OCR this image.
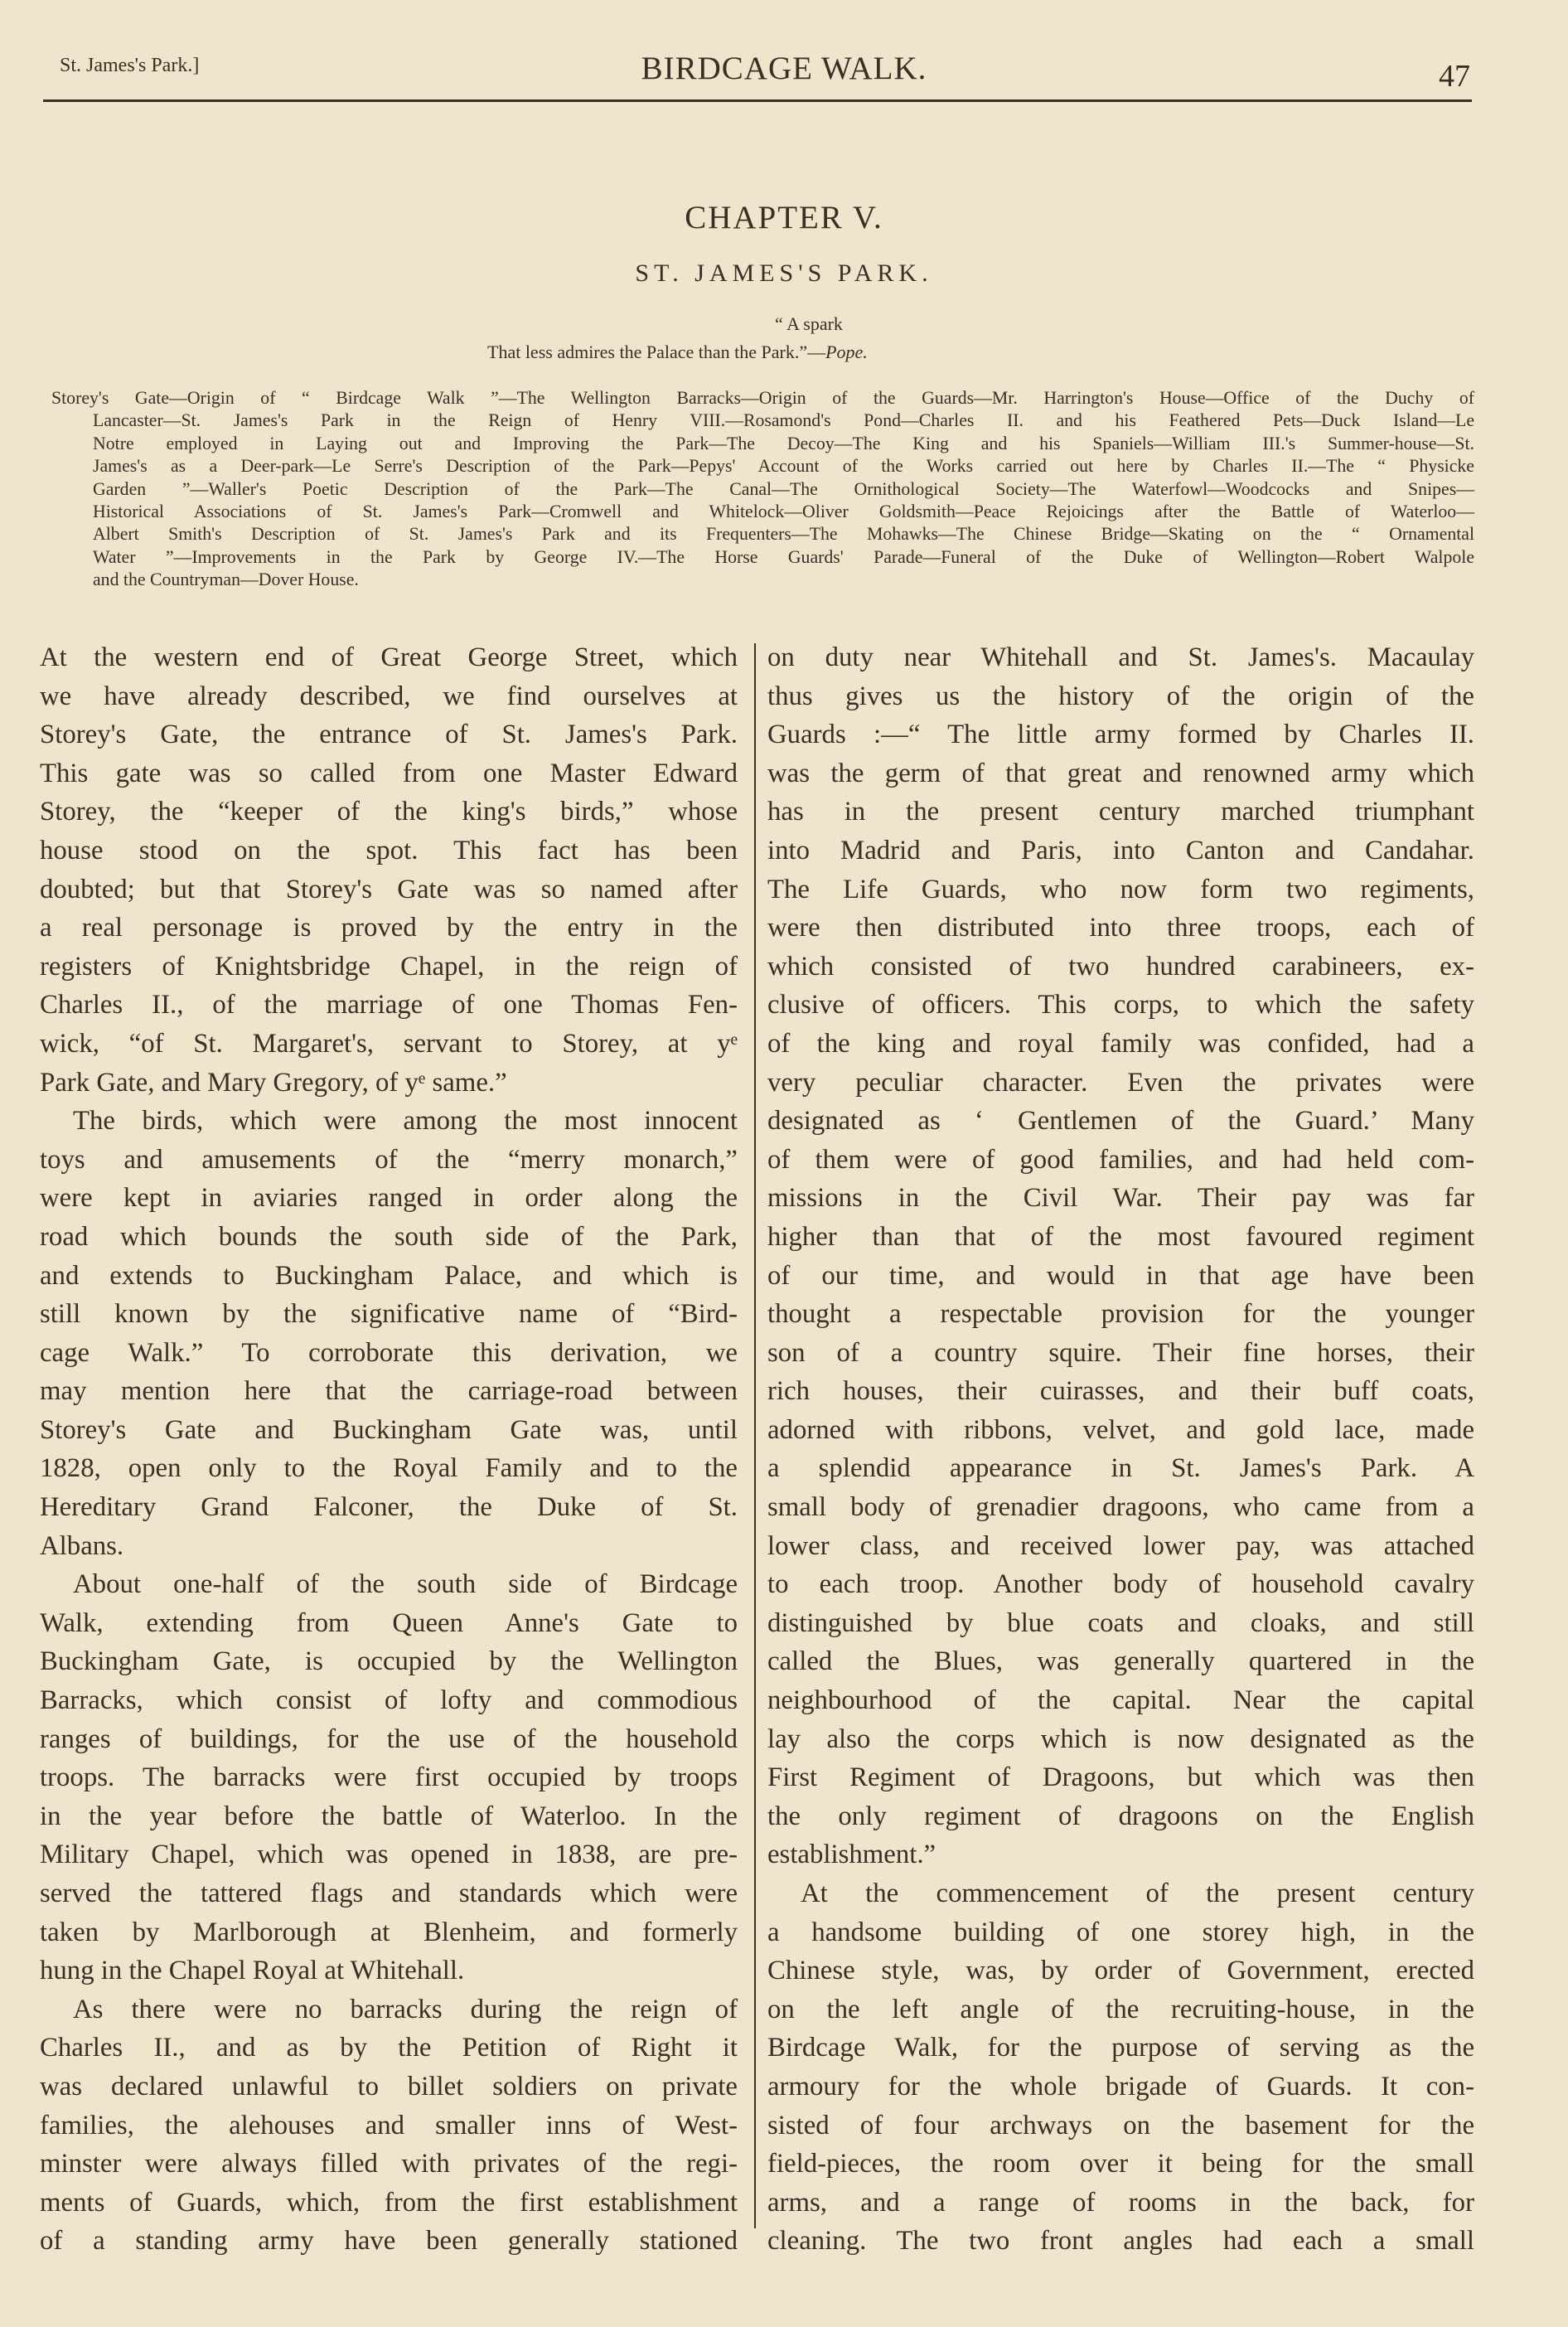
St. James's Park.]	BIRDCAGE WALK.	47
CHAPTER V.
ST. JAMES'S PARK.
“ A spark
That less admires the Palace than the Park.”—Pope.
Storey's Gate—Origin of “ Birdcage Walk ”—The Wellington Barracks—Origin of the Guards—Mr. Harrington's House—Office of the Duchy of
Lancaster—St. James's Park in the Reign of Henry VIII.—Rosamond's Pond—Charles II. and his Feathered Pets—Duck Island—Le
Notre employed in Laying out and Improving the Park—The Decoy—The King and his Spaniels—William III.'s Summer-house—St.
James's as a Deer-park—Le Serre's Description of the Park—Pepys' Account of the Works carried out here by Charles II.—The “ Physicke
Garden ”—Waller's Poetic Description of the Park—The Canal—The Ornithological Society—The Waterfowl—Woodcocks and Snipes—
Historical Associations of St. James's Park—Cromwell and Whitelock—Oliver Goldsmith—Peace Rejoicings after the Battle of Waterloo—
Albert Smith's Description of St. James's Park and its Frequenters—The Mohawks—The Chinese Bridge—Skating on the “ Ornamental
Water ”—Improvements in the Park by George IV.—The Horse Guards' Parade—Funeral of the Duke of Wellington—Robert Walpole
and the Countryman—Dover House.
At the western end of Great George Street, which
we have already described, we find ourselves at
Storey's Gate, the entrance of St. James's Park.
This gate was so called from one Master Edward
Storey, the “keeper of the king's birds,” whose
house stood on the spot. This fact has been
doubted; but that Storey's Gate was so named after
a real personage is proved by the entry in the
registers of Knightsbridge Chapel, in the reign of
Charles II., of the marriage of one Thomas Fen-
wick, “of St. Margaret's, servant to Storey, at yᵉ
Park Gate, and Mary Gregory, of yᵉ same.”
The birds, which were among the most innocent
toys and amusements of the “merry monarch,”
were kept in aviaries ranged in order along the
road which bounds the south side of the Park,
and extends to Buckingham Palace, and which is
still known by the significative name of “Bird-
cage Walk.” To corroborate this derivation, we
may mention here that the carriage-road between
Storey's Gate and Buckingham Gate was, until
1828, open only to the Royal Family and to the
Hereditary Grand Falconer, the Duke of St.
Albans.
About one-half of the south side of Birdcage
Walk, extending from Queen Anne's Gate to
Buckingham Gate, is occupied by the Wellington
Barracks, which consist of lofty and commodious
ranges of buildings, for the use of the household
troops. The barracks were first occupied by troops
in the year before the battle of Waterloo. In the
Military Chapel, which was opened in 1838, are pre-
served the tattered flags and standards which were
taken by Marlborough at Blenheim, and formerly
hung in the Chapel Royal at Whitehall.
As there were no barracks during the reign of
Charles II., and as by the Petition of Right it
was declared unlawful to billet soldiers on private
families, the alehouses and smaller inns of West-
minster were always filled with privates of the regi-
ments of Guards, which, from the first establishment
of a standing army have been generally stationed
on duty near Whitehall and St. James's. Macaulay
thus gives us the history of the origin of the
Guards :—“ The little army formed by Charles II.
was the germ of that great and renowned army which
has in the present century marched triumphant
into Madrid and Paris, into Canton and Candahar.
The Life Guards, who now form two regiments,
were then distributed into three troops, each of
which consisted of two hundred carabineers, ex-
clusive of officers. This corps, to which the safety
of the king and royal family was confided, had a
very peculiar character. Even the privates were
designated as ‘ Gentlemen of the Guard.’ Many
of them were of good families, and had held com-
missions in the Civil War. Their pay was far
higher than that of the most favoured regiment
of our time, and would in that age have been
thought a respectable provision for the younger
son of a country squire. Their fine horses, their
rich houses, their cuirasses, and their buff coats,
adorned with ribbons, velvet, and gold lace, made
a splendid appearance in St. James's Park. A
small body of grenadier dragoons, who came from a
lower class, and received lower pay, was attached
to each troop. Another body of household cavalry
distinguished by blue coats and cloaks, and still
called the Blues, was generally quartered in the
neighbourhood of the capital. Near the capital
lay also the corps which is now designated as the
First Regiment of Dragoons, but which was then
the only regiment of dragoons on the English
establishment.”
At the commencement of the present century
a handsome building of one storey high, in the
Chinese style, was, by order of Government, erected
on the left angle of the recruiting-house, in the
Birdcage Walk, for the purpose of serving as the
armoury for the whole brigade of Guards. It con-
sisted of four archways on the basement for the
field-pieces, the room over it being for the small
arms, and a range of rooms in the back, for
cleaning. The two front angles had each a small
